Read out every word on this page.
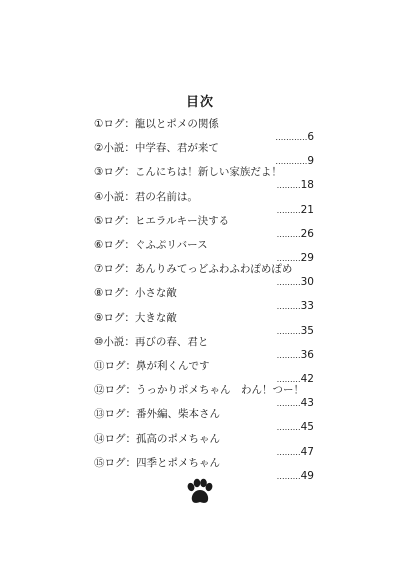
目次
①ログ：龍以とポメの関係
…………6
②小説：中学春、君が来て
…………9
③ログ：こんにちは！新しい家族だよ！
………18
④小説：君の名前は。
………21
⑤ログ：ヒエラルキー決する
………26
⑥ログ：ぐふぷリバース
………29
⑦ログ：あんりみてっどふわふわぽめぽめ
………30
⑧ログ：小さな敵
………33
⑨ログ：大きな敵
………35
⑩小説：再びの春、君と
………36
⑪ログ：鼻が利くんです
………42
⑫ログ：うっかりポメちゃん　わん！つー！
………43
⑬ログ：番外編、柴本さん
………45
⑭ログ：孤高のポメちゃん
………47
⑮ログ：四季とポメちゃん
………49
